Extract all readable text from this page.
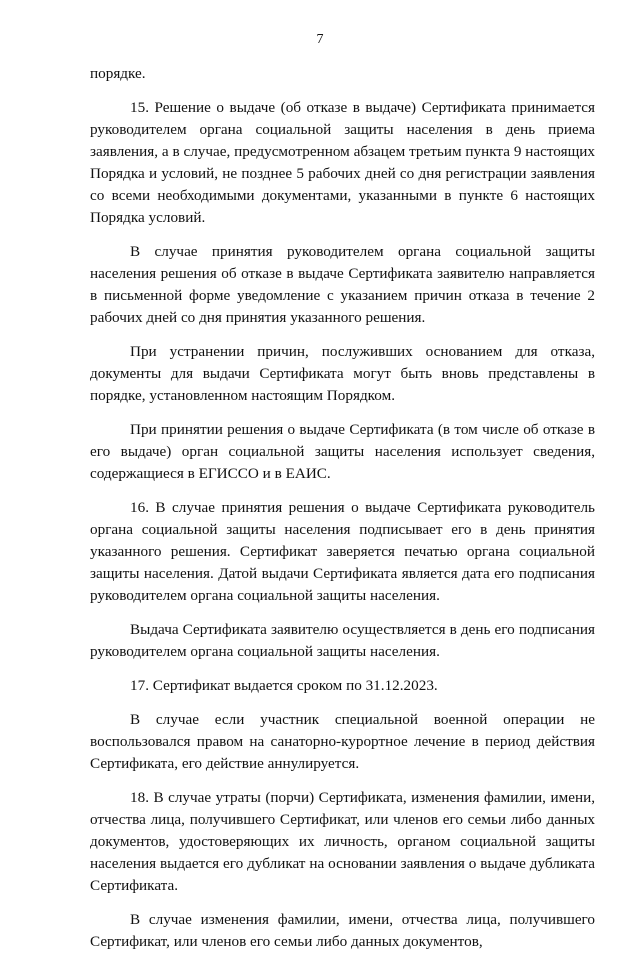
7

порядке.

15. Решение о выдаче (об отказе в выдаче) Сертификата принимается руководителем органа социальной защиты населения в день приема заявления, а в случае, предусмотренном абзацем третьим пункта 9 настоящих Порядка и условий, не позднее 5 рабочих дней со дня регистрации заявления со всеми необходимыми документами, указанными в пункте 6 настоящих Порядка условий.

В случае принятия руководителем органа социальной защиты населения решения об отказе в выдаче Сертификата заявителю направляется в письменной форме уведомление с указанием причин отказа в течение 2 рабочих дней со дня принятия указанного решения.

При устранении причин, послуживших основанием для отказа, документы для выдачи Сертификата могут быть вновь представлены в порядке, установленном настоящим Порядком.

При принятии решения о выдаче Сертификата (в том числе об отказе в его выдаче) орган социальной защиты населения использует сведения, содержащиеся в ЕГИССО и в ЕАИС.

16. В случае принятия решения о выдаче Сертификата руководитель органа социальной защиты населения подписывает его в день принятия указанного решения. Сертификат заверяется печатью органа социальной защиты населения. Датой выдачи Сертификата является дата его подписания руководителем органа социальной защиты населения.

Выдача Сертификата заявителю осуществляется в день его подписания руководителем органа социальной защиты населения.

17. Сертификат выдается сроком по 31.12.2023.

В случае если участник специальной военной операции не воспользовался правом на санаторно-курортное лечение в период действия Сертификата, его действие аннулируется.

18. В случае утраты (порчи) Сертификата, изменения фамилии, имени, отчества лица, получившего Сертификат, или членов его семьи либо данных документов, удостоверяющих их личность, органом социальной защиты населения выдается его дубликат на основании заявления о выдаче дубликата Сертификата.

В случае изменения фамилии, имени, отчества лица, получившего Сертификат, или членов его семьи либо данных документов,
